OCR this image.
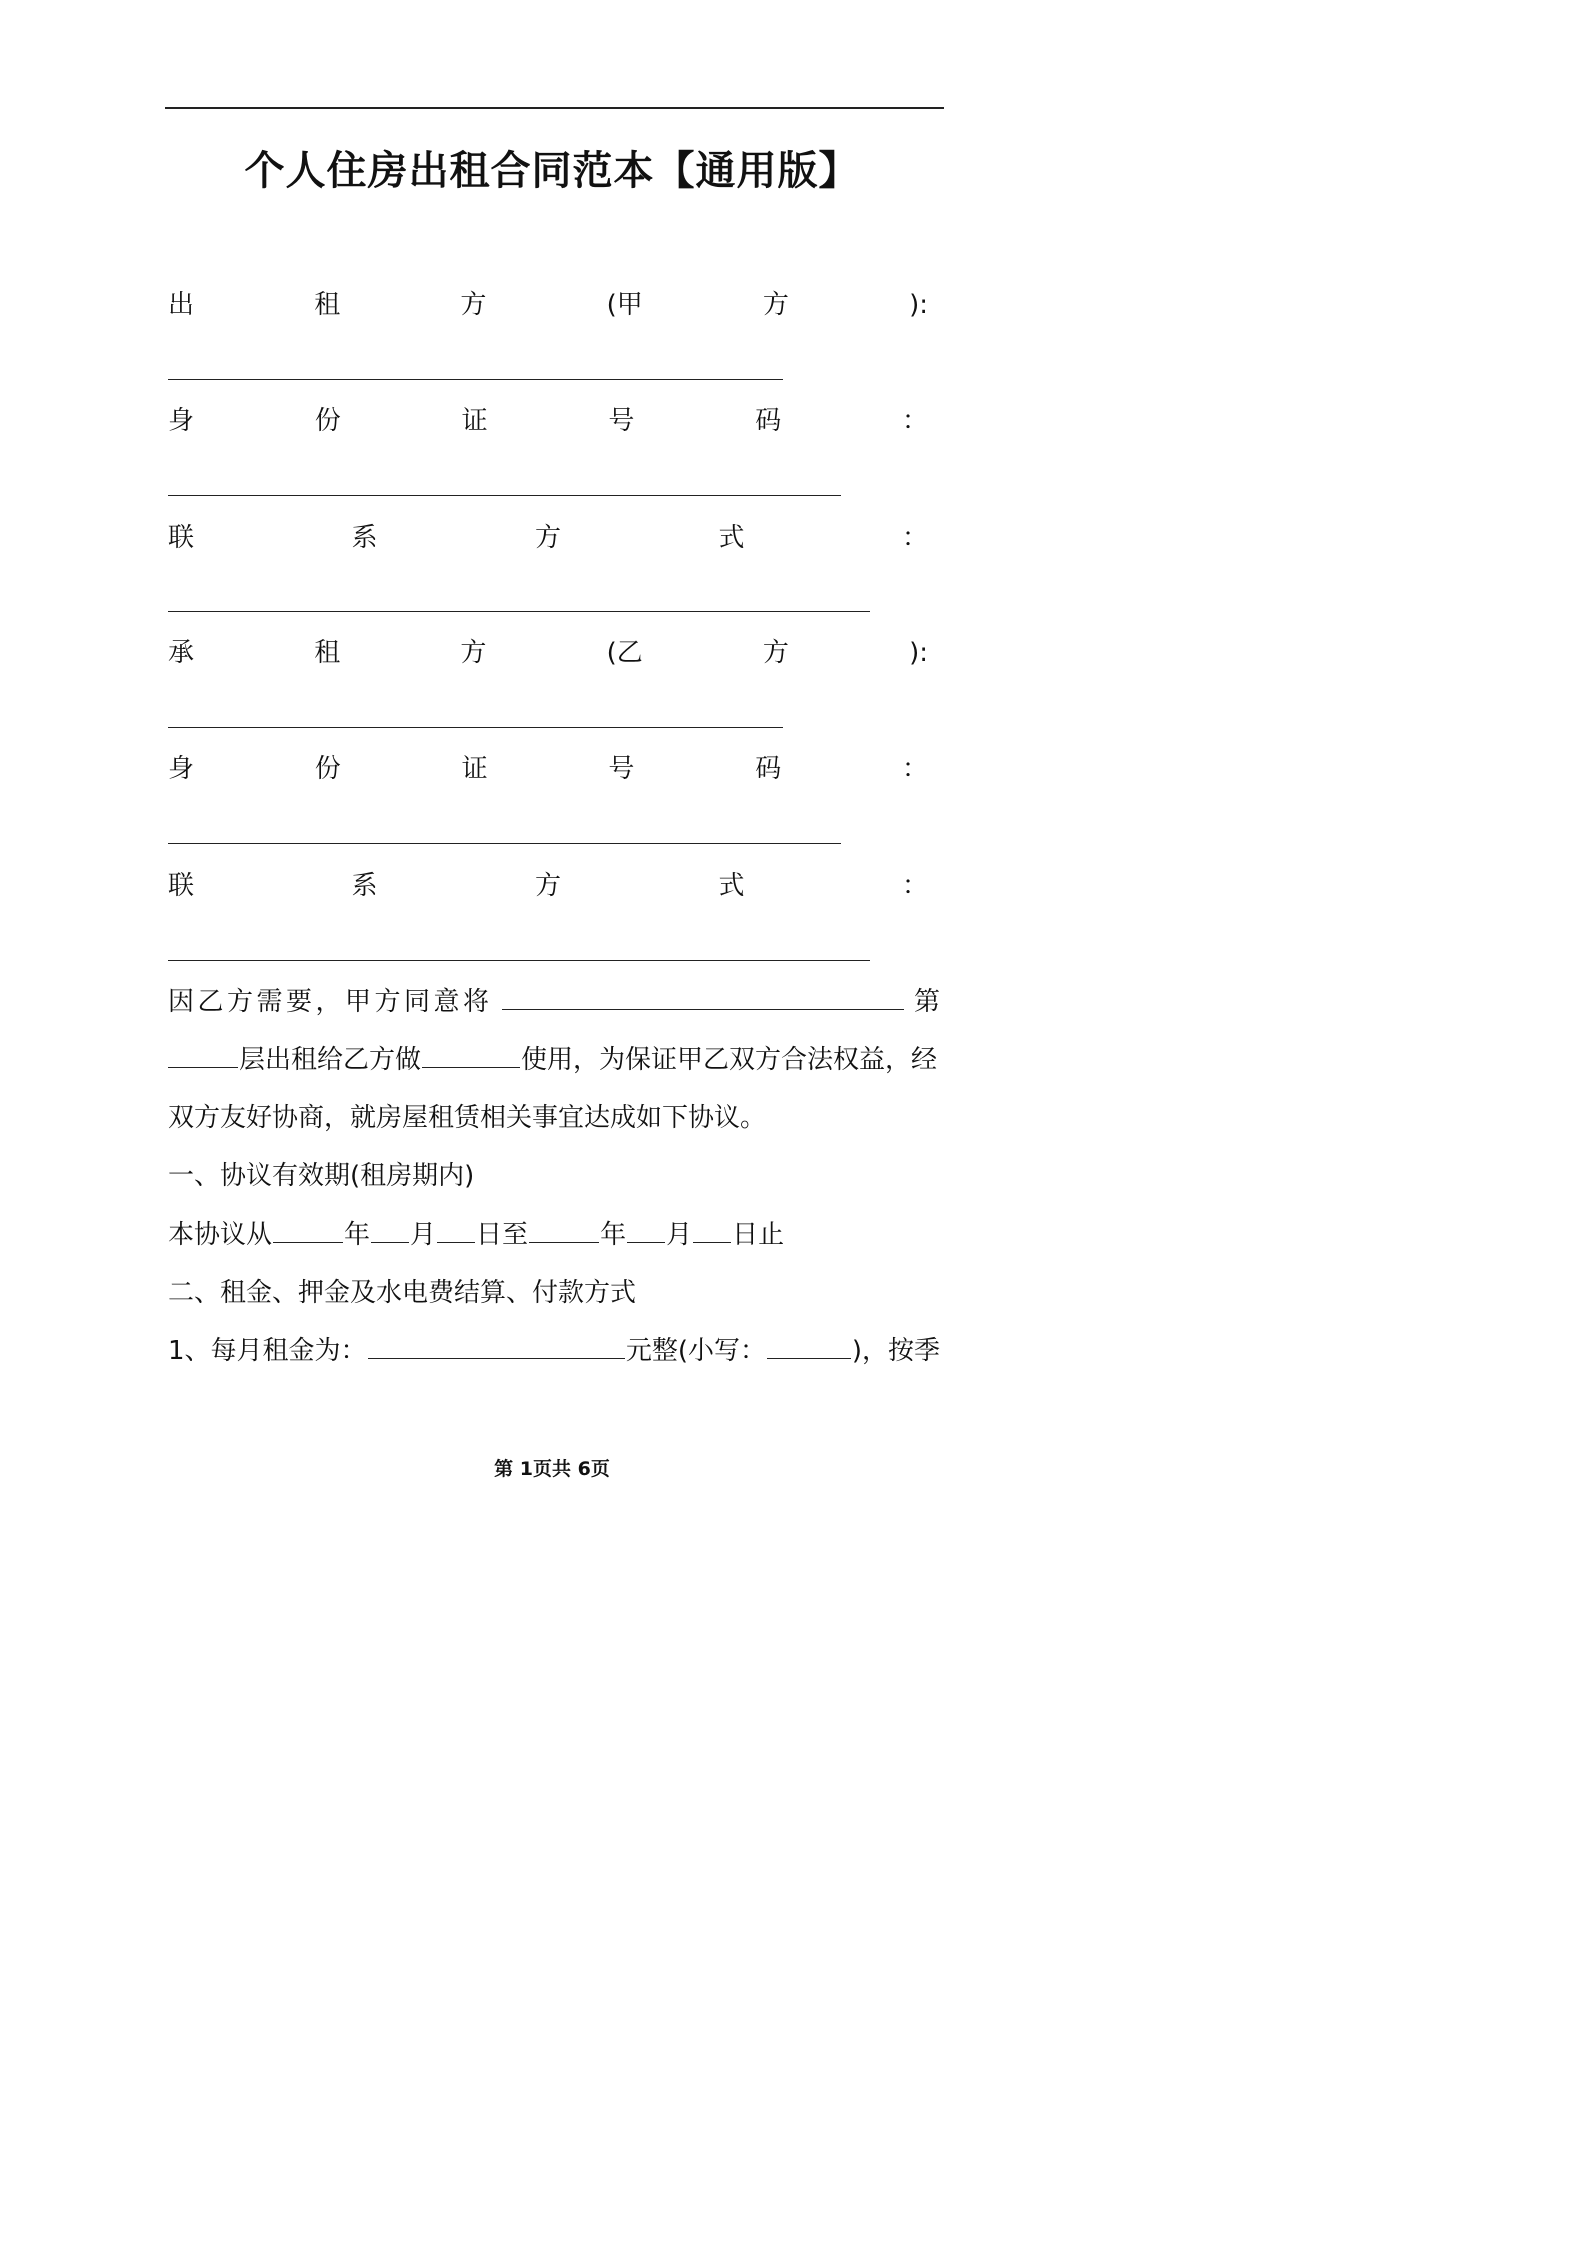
个人住房出租合同范本【通用版】
出	租	方	(甲	方	):
身	份	证	号	码	：
联	系	方	式	：
承	租	方	(乙	方	):
身	份	证	号	码	：
联	系	方	式	：
因乙方需要，甲方同意将	第
层出租给乙方做	使用，为保证甲乙双方合法权益，经
双方友好协商，就房屋租赁相关事宜达成如下协议。
一、协议有效期(租房期内)
本协议从	年 月 日至	年 月 日止
二、租金、押金及水电费结算、付款方式
1、每月租金为：	元整(小写：	)，按季
第 1页共 6页
